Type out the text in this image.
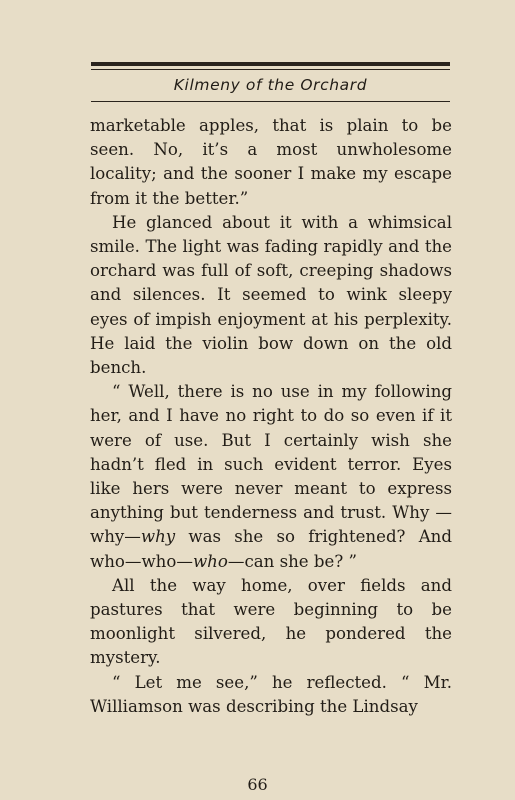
Kilmeny of the Orchard

marketable apples, that is plain to be seen. No, it’s a most unwholesome locality; and the sooner I make my escape from it the better.”

He glanced about it with a whimsical smile. The light was fading rapidly and the orchard was full of soft, creeping shadows and silences. It seemed to wink sleepy eyes of impish enjoyment at his perplexity. He laid the violin bow down on the old bench.

“ Well, there is no use in my following her, and I have no right to do so even if it were of use. But I certainly wish she hadn’t fled in such evident terror. Eyes like hers were never meant to express anything but tenderness and trust. Why —why—why was she so frightened? And who—who—who—can she be? ”

All the way home, over fields and pastures that were beginning to be moonlight silvered, he pondered the mystery.

“ Let me see,” he reflected. “ Mr. Williamson was describing the Lindsay

66
